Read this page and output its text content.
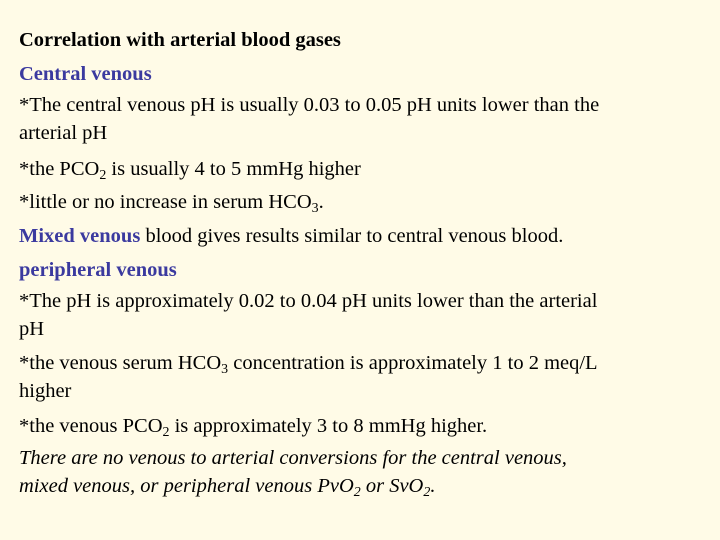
Correlation with arterial blood gases
Central venous
*The central venous pH is usually 0.03 to 0.05 pH units lower than the
arterial pH
*the $PCO_2$ is usually 4 to 5 mmHg higher
*little or no increase in serum $HCO_3$.
Mixed venous blood gives results similar to central venous blood.
peripheral venous
*The pH is approximately 0.02 to 0.04 pH units lower than the arterial
pH
*the venous serum $HCO_3$ concentration is approximately 1 to 2 meq/L
higher
*the venous $PCO_2$ is approximately 3 to 8 mmHg higher.
There are no venous to arterial conversions for the central venous,
mixed venous, or peripheral venous PvO$_2$ or SvO$_2$.
